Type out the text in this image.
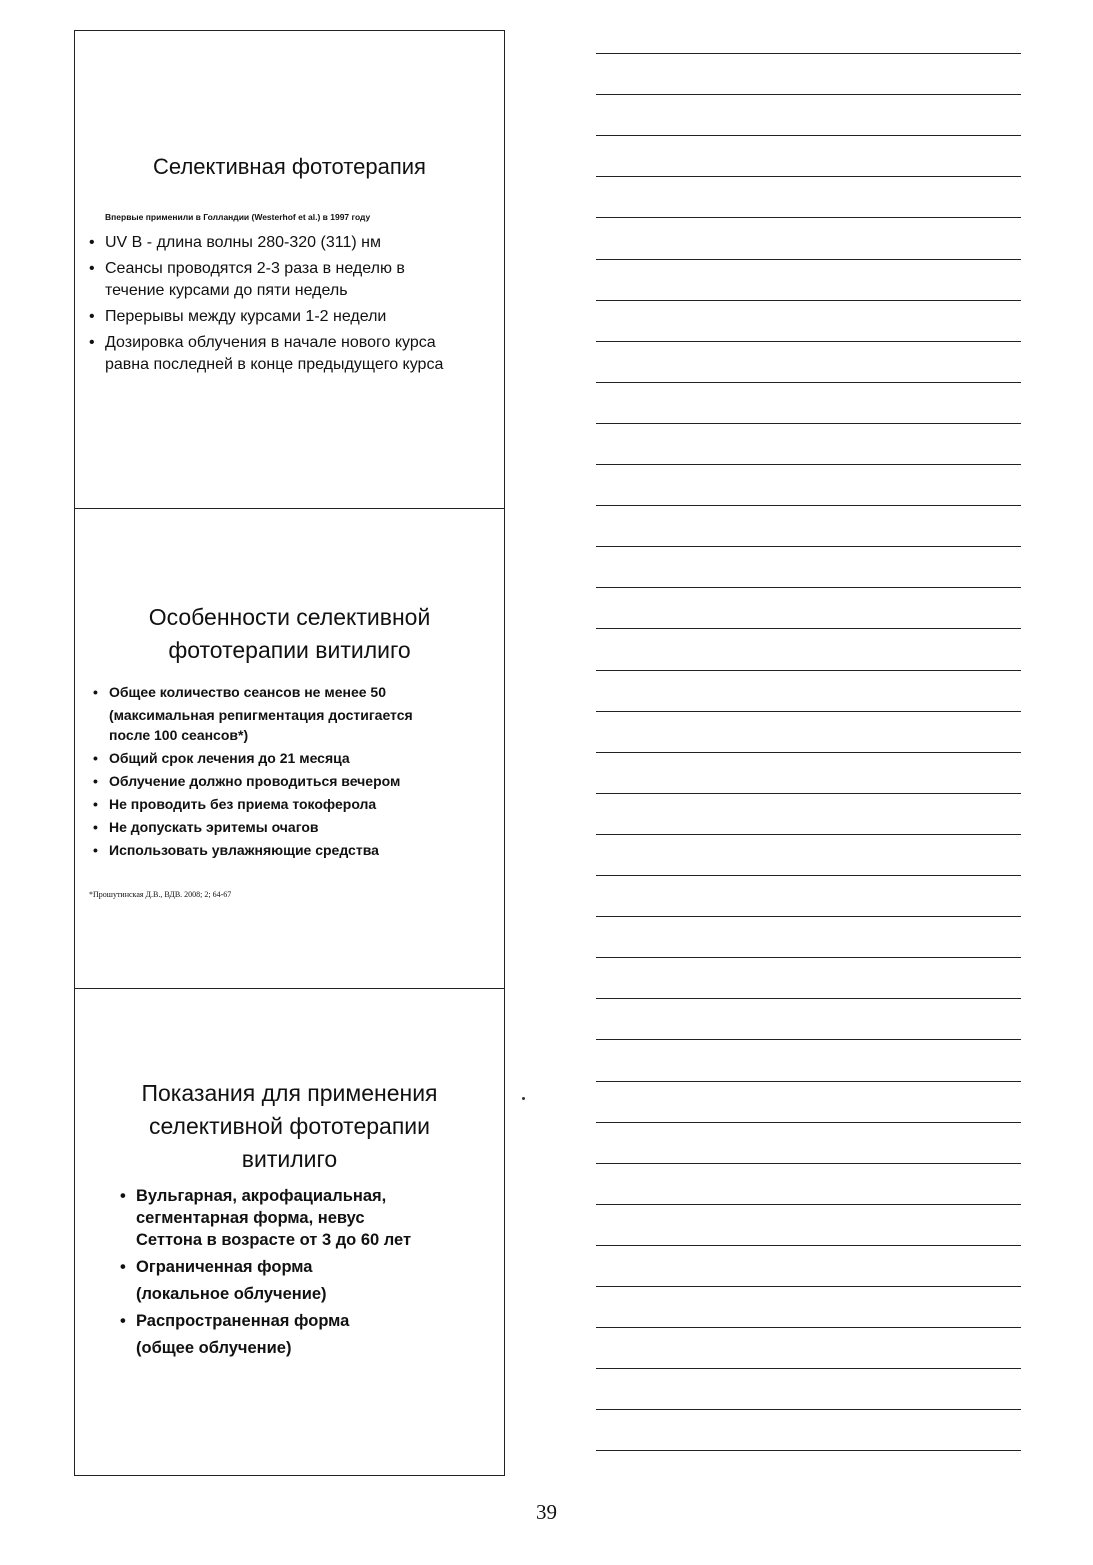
Селективная фототерапия
Впервые применили в Голландии (Westerhof et al.) в 1997 году
• UV B - длина волны 280-320 (311) нм
• Сеансы проводятся 2-3 раза в неделю в
течение курсами до пяти недель
• Перерывы между курсами 1-2 недели
• Дозировка облучения в начале нового курса
равна последней в конце предыдущего курса
Особенности селективной
фототерапии витилиго
• Общее количество сеансов не менее 50
(максимальная репигментация достигается
после 100 сеансов*)
• Общий срок лечения до 21 месяца
• Облучение должно проводиться вечером
• Не проводить без приема токоферола
• Не допускать эритемы очагов
• Использовать увлажняющие средства
*Прошутинская Д.В., ВДВ. 2008; 2; 64-67
Показания для применения
селективной фототерапии
витилиго
• Вульгарная, акрофациальная,
сегментарная форма, невус
Сеттона в возрасте от 3 до 60 лет
• Ограниченная форма
(локальное облучение)
• Распространенная форма
(общее облучение)
39
